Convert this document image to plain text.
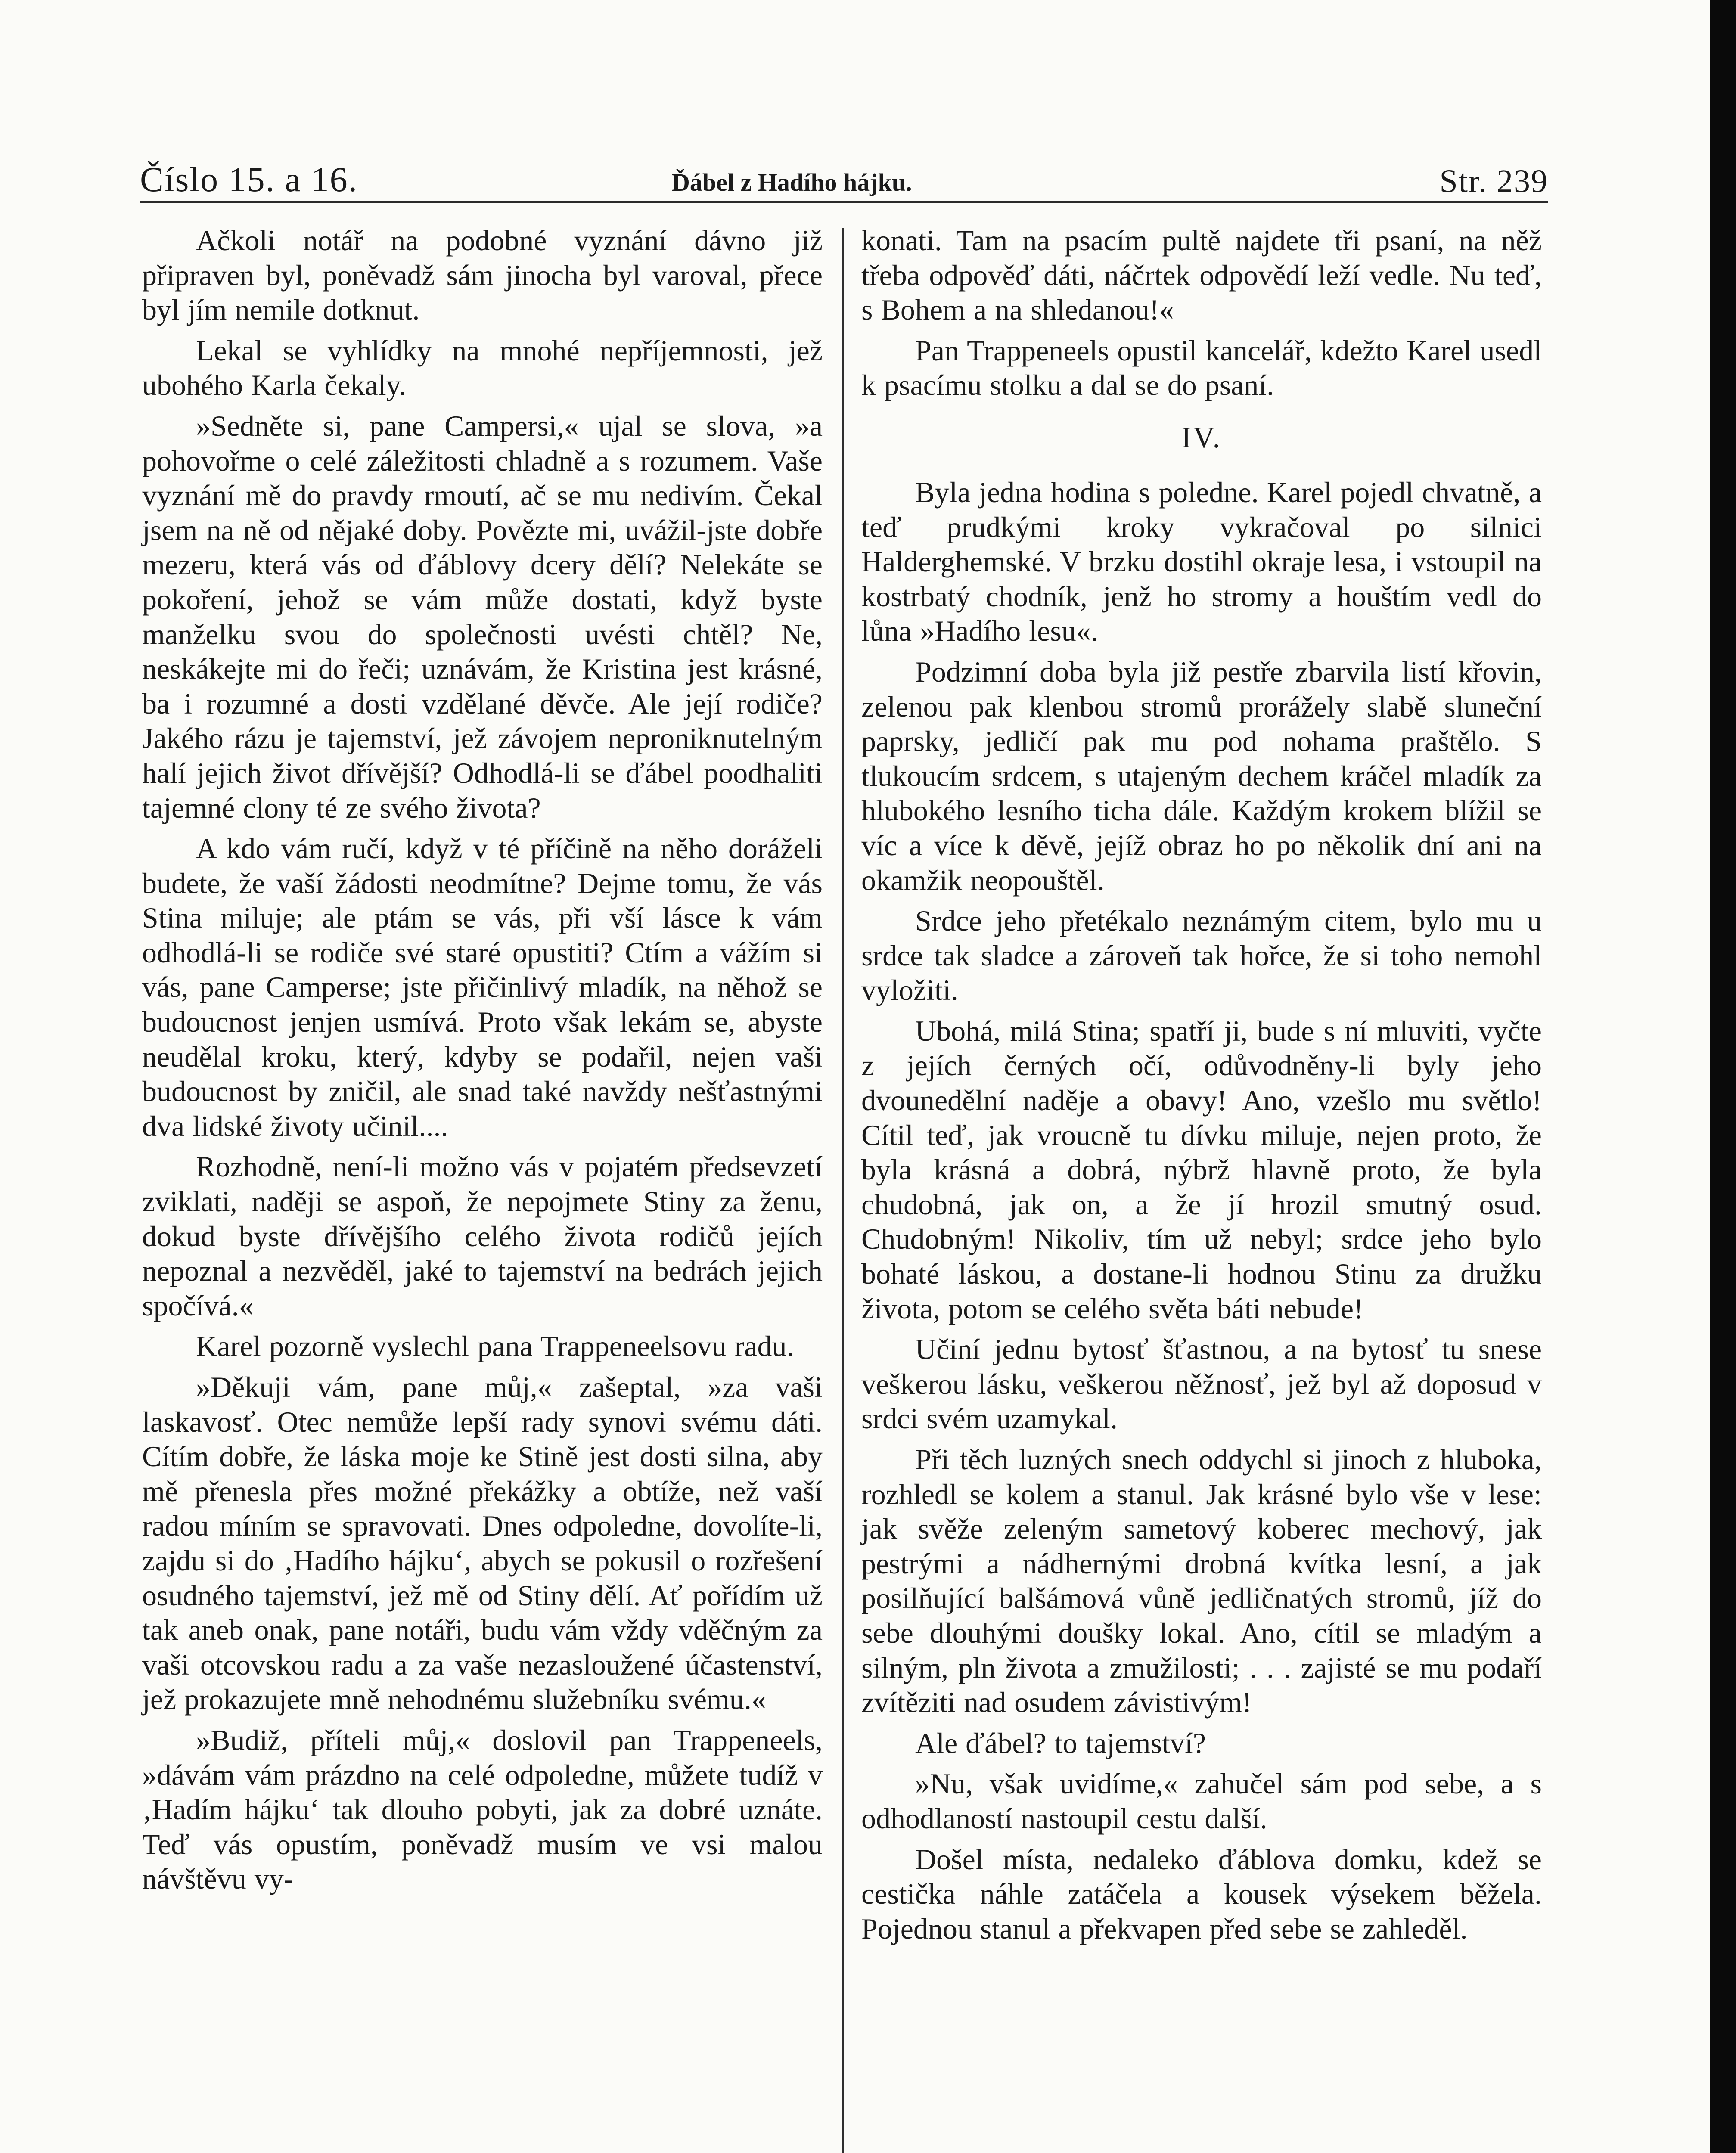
Číslo 15. a 16.	Ďábel z Hadího hájku.	Str. 239

Ačkoli notář na podobné vyznání dávno již připraven byl, poněvadž sám jinocha byl varoval, přece byl jím nemile dotknut.

Lekal se vyhlídky na mnohé nepříjemnosti, jež ubohého Karla čekaly.

»Sedněte si, pane Campersi,« ujal se slova, »a pohovořme o celé záležitosti chladně a s rozumem. Vaše vyznání mě do pravdy rmoutí, ač se mu nedivím. Čekal jsem na ně od nějaké doby. Povězte mi, uvážil-jste dobře mezeru, která vás od ďáblovy dcery dělí? Nelekáte se pokoření, jehož se vám může dostati, když byste manželku svou do společnosti uvésti chtěl? Ne, neskákejte mi do řeči; uznávám, že Kristina jest krásné, ba i rozumné a dosti vzdělané děvče. Ale její rodiče? Jakého rázu je tajemství, jež závojem neproniknutelným halí jejich život dřívější? Odhodlá-li se ďábel poodhaliti tajemné clony té ze svého života?

A kdo vám ručí, když v té příčině na něho doráželi budete, že vaší žádosti neodmítne? Dejme tomu, že vás Stina miluje; ale ptám se vás, při vší lásce k vám odhodlá-li se rodiče své staré opustiti? Ctím a vážím si vás, pane Camperse; jste přičinlivý mladík, na něhož se budoucnost jenjen usmívá. Proto však lekám se, abyste neudělal kroku, který, kdyby se podařil, nejen vaši budoucnost by zničil, ale snad také navždy nešťastnými dva lidské životy učinil....

Rozhodně, není-li možno vás v pojatém předsevzetí zviklati, naději se aspoň, že nepojmete Stiny za ženu, dokud byste dřívějšího celého života rodičů jejích nepoznal a nezvěděl, jaké to tajemství na bedrách jejich spočívá.«

Karel pozorně vyslechl pana Trappeneelsovu radu.

»Děkuji vám, pane můj,« zašeptal, »za vaši laskavosť. Otec nemůže lepší rady synovi svému dáti. Cítím dobře, že láska moje ke Stině jest dosti silna, aby mě přenesla přes možné překážky a obtíže, než vaší radou míním se spravovati. Dnes odpoledne, dovolíte-li, zajdu si do ‚Hadího hájku‘, abych se pokusil o rozřešení osudného tajemství, jež mě od Stiny dělí. Ať pořídím už tak aneb onak, pane notáři, budu vám vždy vděčným za vaši otcovskou radu a za vaše nezasloužené účastenství, jež prokazujete mně nehodnému služebníku svému.«

»Budiž, příteli můj,« doslovil pan Trappeneels, »dávám vám prázdno na celé odpoledne, můžete tudíž v ‚Hadím hájku‘ tak dlouho pobyti, jak za dobré uznáte. Teď vás opustím, poněvadž musím ve vsi malou návštěvu vy-

konati. Tam na psacím pultě najdete tři psaní, na něž třeba odpověď dáti, náčrtek odpovědí leží vedle. Nu teď, s Bohem a na shledanou!«

Pan Trappeneels opustil kancelář, kdežto Karel usedl k psacímu stolku a dal se do psaní.

IV.

Byla jedna hodina s poledne. Karel pojedl chvatně, a teď prudkými kroky vykračoval po silnici Halderghemské. V brzku dostihl okraje lesa, i vstoupil na kostrbatý chodník, jenž ho stromy a houštím vedl do lůna »Hadího lesu«.

Podzimní doba byla již pestře zbarvila listí křovin, zelenou pak klenbou stromů prorážely slabě sluneční paprsky, jedličí pak mu pod nohama praštělo. S tlukoucím srdcem, s utajeným dechem kráčel mladík za hlubokého lesního ticha dále. Každým krokem blížil se víc a více k děvě, jejíž obraz ho po několik dní ani na okamžik neopouštěl.

Srdce jeho přetékalo neznámým citem, bylo mu u srdce tak sladce a zároveň tak hořce, že si toho nemohl vyložiti.

Ubohá, milá Stina; spatří ji, bude s ní mluviti, vyčte z jejích černých očí, odůvodněny-li byly jeho dvounedělní naděje a obavy! Ano, vzešlo mu světlo! Cítil teď, jak vroucně tu dívku miluje, nejen proto, že byla krásná a dobrá, nýbrž hlavně proto, že byla chudobná, jak on, a že jí hrozil smutný osud. Chudobným! Nikoliv, tím už nebyl; srdce jeho bylo bohaté láskou, a dostane-li hodnou Stinu za družku života, potom se celého světa báti nebude!

Učiní jednu bytosť šťastnou, a na bytosť tu snese veškerou lásku, veškerou něžnosť, jež byl až doposud v srdci svém uzamykal.

Při těch luzných snech oddychl si jinoch z hluboka, rozhledl se kolem a stanul. Jak krásné bylo vše v lese: jak svěže zeleným sametový koberec mechový, jak pestrými a nádhernými drobná kvítka lesní, a jak posilňující balšámová vůně jedličnatých stromů, jíž do sebe dlouhými doušky lokal. Ano, cítil se mladým a silným, pln života a zmužilosti; . . . zajisté se mu podaří zvítěziti nad osudem závistivým!

Ale ďábel? to tajemství?

»Nu, však uvidíme,« zahučel sám pod sebe, a s odhodlaností nastoupil cestu další.

Došel místa, nedaleko ďáblova domku, kdež se cestička náhle zatáčela a kousek výsekem běžela. Pojednou stanul a překvapen před sebe se zahleděl.
